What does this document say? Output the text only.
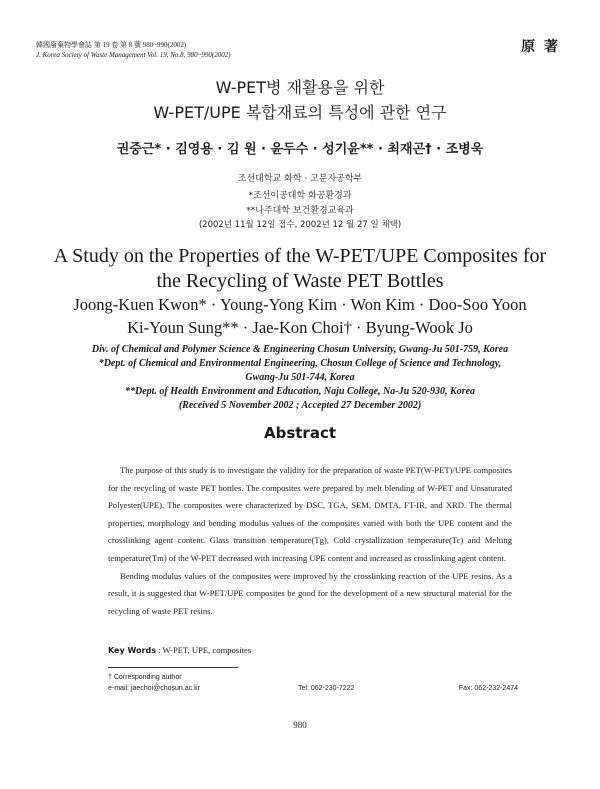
韓國廢棄物學會誌 第 19 卷 第 8 號 980~990(2002)
J. Korea Society of Waste Management Vol. 19, No.8, 980~990(2002)	原 著
W-PET병 재활용을 위한
W-PET/UPE 복합재료의 특성에 관한 연구
권중근* · 김영용 · 김 원 · 윤두수 · 성기윤** · 최재곤† · 조병욱
조선대학교 화학 · 고분자공학부
*조선이공대학 화공환경과
**나주대학 보건환경교육과
(2002년 11월 12일 접수, 2002년 12 월 27 일 채택)
A Study on the Properties of the W-PET/UPE Composites for
the Recycling of Waste PET Bottles
Joong-Kuen Kwon* · Young-Yong Kim · Won Kim · Doo-Soo Yoon
Ki-Youn Sung** · Jae-Kon Choi† · Byung-Wook Jo
Div. of Chemical and Polymer Science & Engineering Chosun University, Gwang-Ju 501-759, Korea
*Dept. of Chemical and Environmental Engineering, Chosun College of Science and Technology,
Gwang-Ju 501-744, Korea
**Dept. of Health Environment and Education, Naju College, Na-Ju 520-930, Korea
(Received 5 November 2002 ; Accepted 27 December 2002)
Abstract

The purpose of this study is to investigate the validity for the preparation of waste PET(W-PET)/UPE composites for the recycling of waste PET bottles. The composites were prepared by melt blending of W-PET and Unsaturated Polyester(UPE). The composites were characterized by DSC, TGA, SEM, DMTA, FT-IR, and XRD. The thermal properties, morphology and bending modulus values of the composites varied with both the UPE content and the crosslinking agent content. Glass transition temperature(Tg), Cold crystallization temperature(Tc) and Melting temperature(Tm) of the W-PET decreased with increasing UPE content and increased as crosslinking agent content.

Bending modulus values of the composites were improved by the crosslinking reaction of the UPE resins. As a result, it is suggested that W-PET/UPE composites be good for the development of a new structural material for the recycling of waste PET resins.

Key Words : W-PET, UPE, composites
† Corresponding author
e-mail: jaechoi@chosun.ac.kr	Tel: 062-230-7222	Fax: 062-232-2474
980
